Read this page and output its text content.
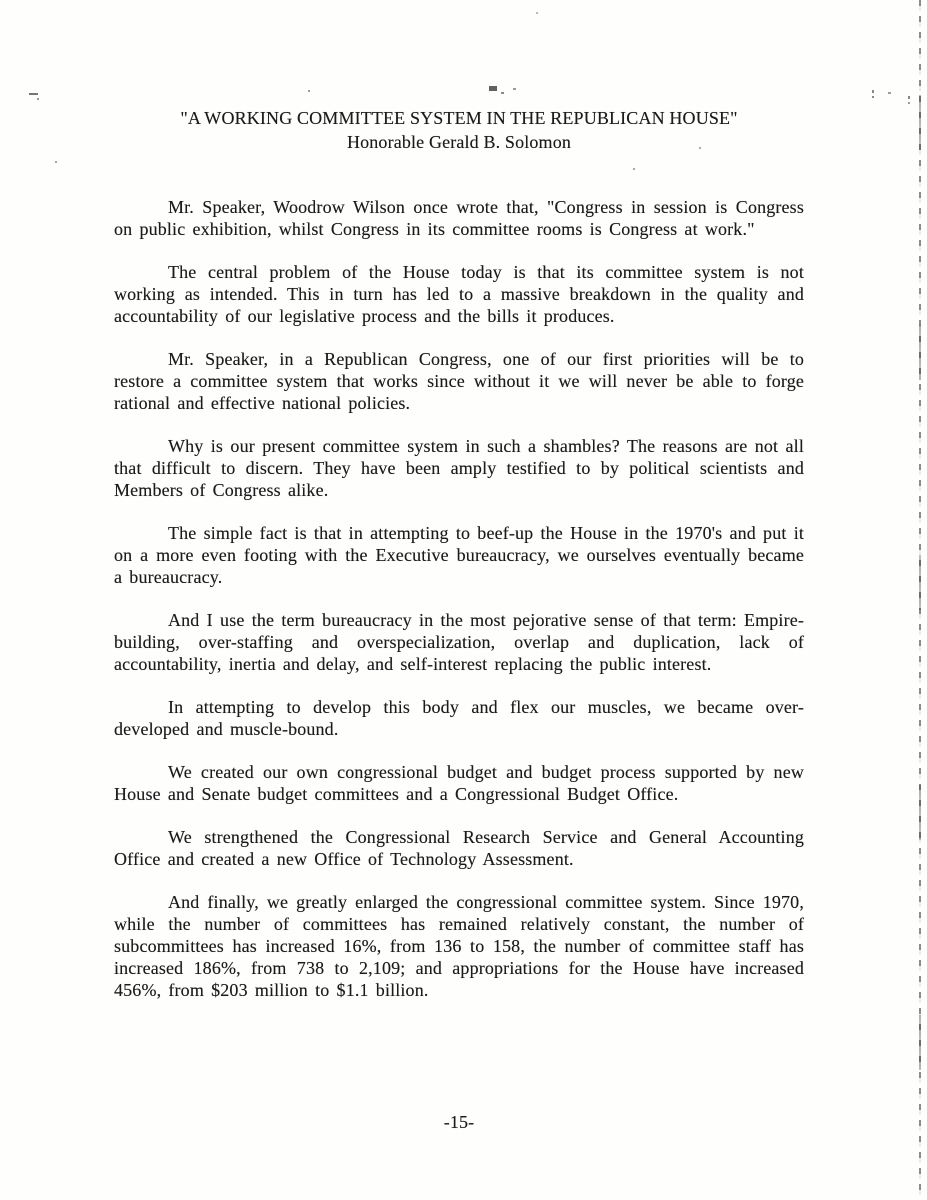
"A WORKING COMMITTEE SYSTEM IN THE REPUBLICAN HOUSE"
Honorable Gerald B. Solomon

Mr. Speaker, Woodrow Wilson once wrote that, "Congress in session is Congress on public exhibition, whilst Congress in its committee rooms is Congress at work."

The central problem of the House today is that its committee system is not working as intended. This in turn has led to a massive breakdown in the quality and accountability of our legislative process and the bills it produces.

Mr. Speaker, in a Republican Congress, one of our first priorities will be to restore a committee system that works since without it we will never be able to forge rational and effective national policies.

Why is our present committee system in such a shambles? The reasons are not all that difficult to discern. They have been amply testified to by political scientists and Members of Congress alike.

The simple fact is that in attempting to beef-up the House in the 1970's and put it on a more even footing with the Executive bureaucracy, we ourselves eventually became a bureaucracy.

And I use the term bureaucracy in the most pejorative sense of that term: Empire-building, over-staffing and overspecialization, overlap and duplication, lack of accountability, inertia and delay, and self-interest replacing the public interest.

In attempting to develop this body and flex our muscles, we became over-developed and muscle-bound.

We created our own congressional budget and budget process supported by new House and Senate budget committees and a Congressional Budget Office.

We strengthened the Congressional Research Service and General Accounting Office and created a new Office of Technology Assessment.

And finally, we greatly enlarged the congressional committee system. Since 1970, while the number of committees has remained relatively constant, the number of subcommittees has increased 16%, from 136 to 158, the number of committee staff has increased 186%, from 738 to 2,109; and appropriations for the House have increased 456%, from $203 million to $1.1 billion.

-15-
